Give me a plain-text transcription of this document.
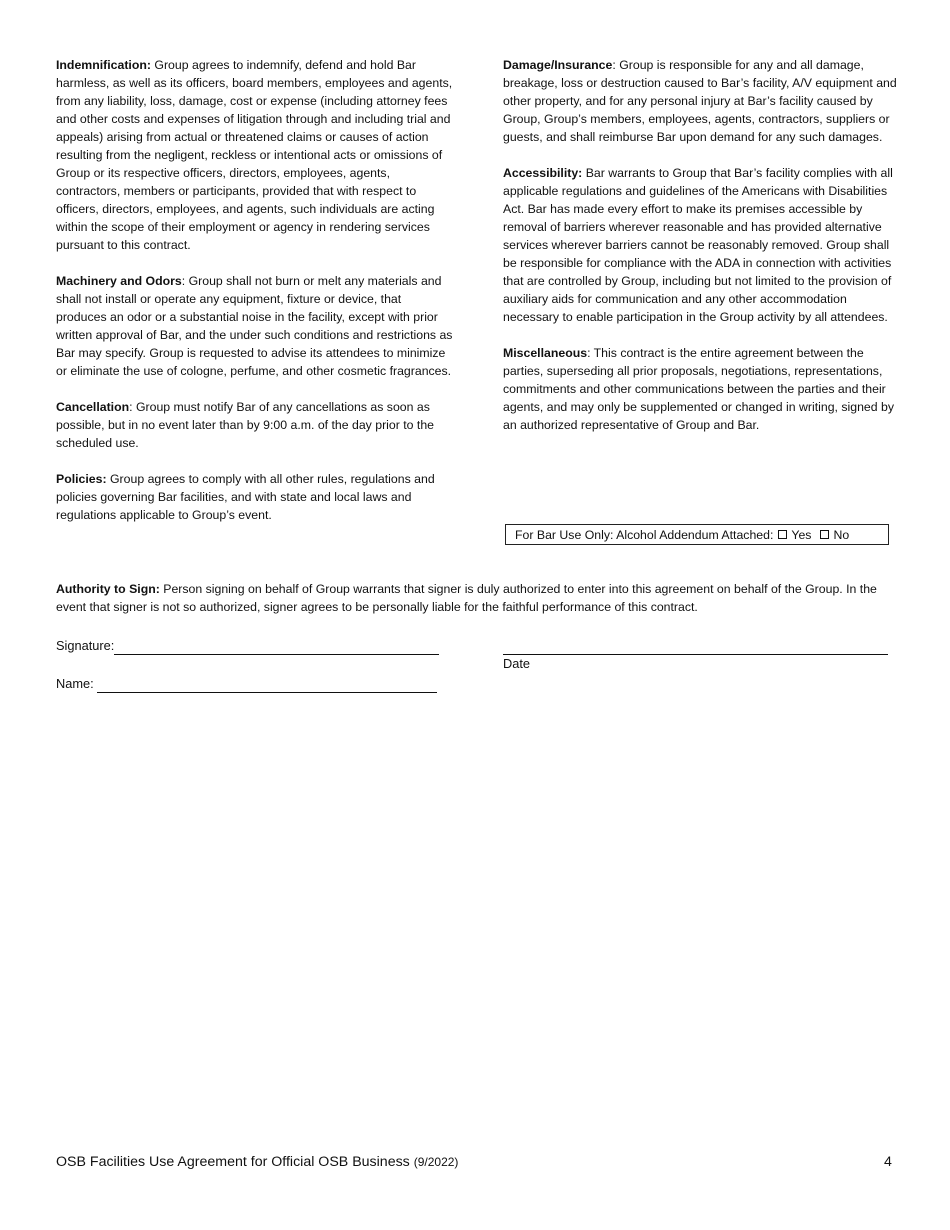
Indemnification: Group agrees to indemnify, defend and hold Bar harmless, as well as its officers, board members, employees and agents, from any liability, loss, damage, cost or expense (including attorney fees and other costs and expenses of litigation through and including trial and appeals) arising from actual or threatened claims or causes of action resulting from the negligent, reckless or intentional acts or omissions of Group or its respective officers, directors, employees, agents, contractors, members or participants, provided that with respect to officers, directors, employees, and agents, such individuals are acting within the scope of their employment or agency in rendering services pursuant to this contract.

Machinery and Odors: Group shall not burn or melt any materials and shall not install or operate any equipment, fixture or device, that produces an odor or a substantial noise in the facility, except with prior written approval of Bar, and the under such conditions and restrictions as Bar may specify. Group is requested to advise its attendees to minimize or eliminate the use of cologne, perfume, and other cosmetic fragrances.

Cancellation: Group must notify Bar of any cancellations as soon as possible, but in no event later than by 9:00 a.m. of the day prior to the scheduled use.

Policies: Group agrees to comply with all other rules, regulations and policies governing Bar facilities, and with state and local laws and regulations applicable to Group’s event.

Damage/Insurance: Group is responsible for any and all damage, breakage, loss or destruction caused to Bar’s facility, A/V equipment and other property, and for any personal injury at Bar’s facility caused by Group, Group’s members, employees, agents, contractors, suppliers or guests, and shall reimburse Bar upon demand for any such damages.

Accessibility: Bar warrants to Group that Bar’s facility complies with all applicable regulations and guidelines of the Americans with Disabilities Act. Bar has made every effort to make its premises accessible by removal of barriers wherever reasonable and has provided alternative services wherever barriers cannot be reasonably removed. Group shall be responsible for compliance with the ADA in connection with activities that are controlled by Group, including but not limited to the provision of auxiliary aids for communication and any other accommodation necessary to enable participation in the Group activity by all attendees.

Miscellaneous: This contract is the entire agreement between the parties, superseding all prior proposals, negotiations, representations, commitments and other communications between the parties and their agents, and may only be supplemented or changed in writing, signed by an authorized representative of Group and Bar.

For Bar Use Only: Alcohol Addendum Attached: Yes No

Authority to Sign: Person signing on behalf of Group warrants that signer is duly authorized to enter into this agreement on behalf of the Group. In the event that signer is not so authorized, signer agrees to be personally liable for the faithful performance of this contract.

Signature:

Date
Name:
OSB Facilities Use Agreement for Official OSB Business (9/2022)	4
